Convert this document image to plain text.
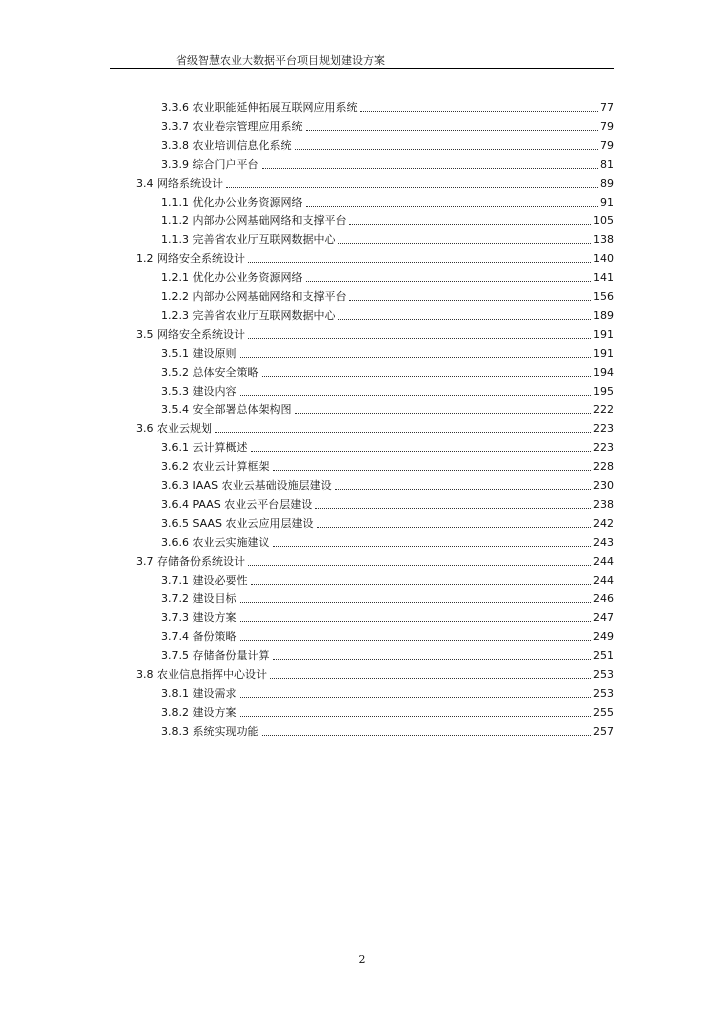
省级智慧农业大数据平台项目规划建设方案
3.3.6 农业职能延伸拓展互联网应用系统	77
3.3.7 农业卷宗管理应用系统	79
3.3.8 农业培训信息化系统	79
3.3.9 综合门户平台	81
3.4 网络系统设计	89
1.1.1 优化办公业务资源网络	91
1.1.2 内部办公网基础网络和支撑平台	105
1.1.3 完善省农业厅互联网数据中心	138
1.2 网络安全系统设计	140
1.2.1 优化办公业务资源网络	141
1.2.2 内部办公网基础网络和支撑平台	156
1.2.3 完善省农业厅互联网数据中心	189
3.5 网络安全系统设计	191
3.5.1 建设原则	191
3.5.2 总体安全策略	194
3.5.3 建设内容	195
3.5.4 安全部署总体架构图	222
3.6 农业云规划	223
3.6.1 云计算概述	223
3.6.2 农业云计算框架	228
3.6.3 IAAS 农业云基础设施层建设	230
3.6.4 PAAS 农业云平台层建设	238
3.6.5 SAAS 农业云应用层建设	242
3.6.6 农业云实施建议	243
3.7 存储备份系统设计	244
3.7.1 建设必要性	244
3.7.2 建设目标	246
3.7.3 建设方案	247
3.7.4 备份策略	249
3.7.5 存储备份量计算	251
3.8 农业信息指挥中心设计	253
3.8.1 建设需求	253
3.8.2 建设方案	255
3.8.3 系统实现功能	257
2
